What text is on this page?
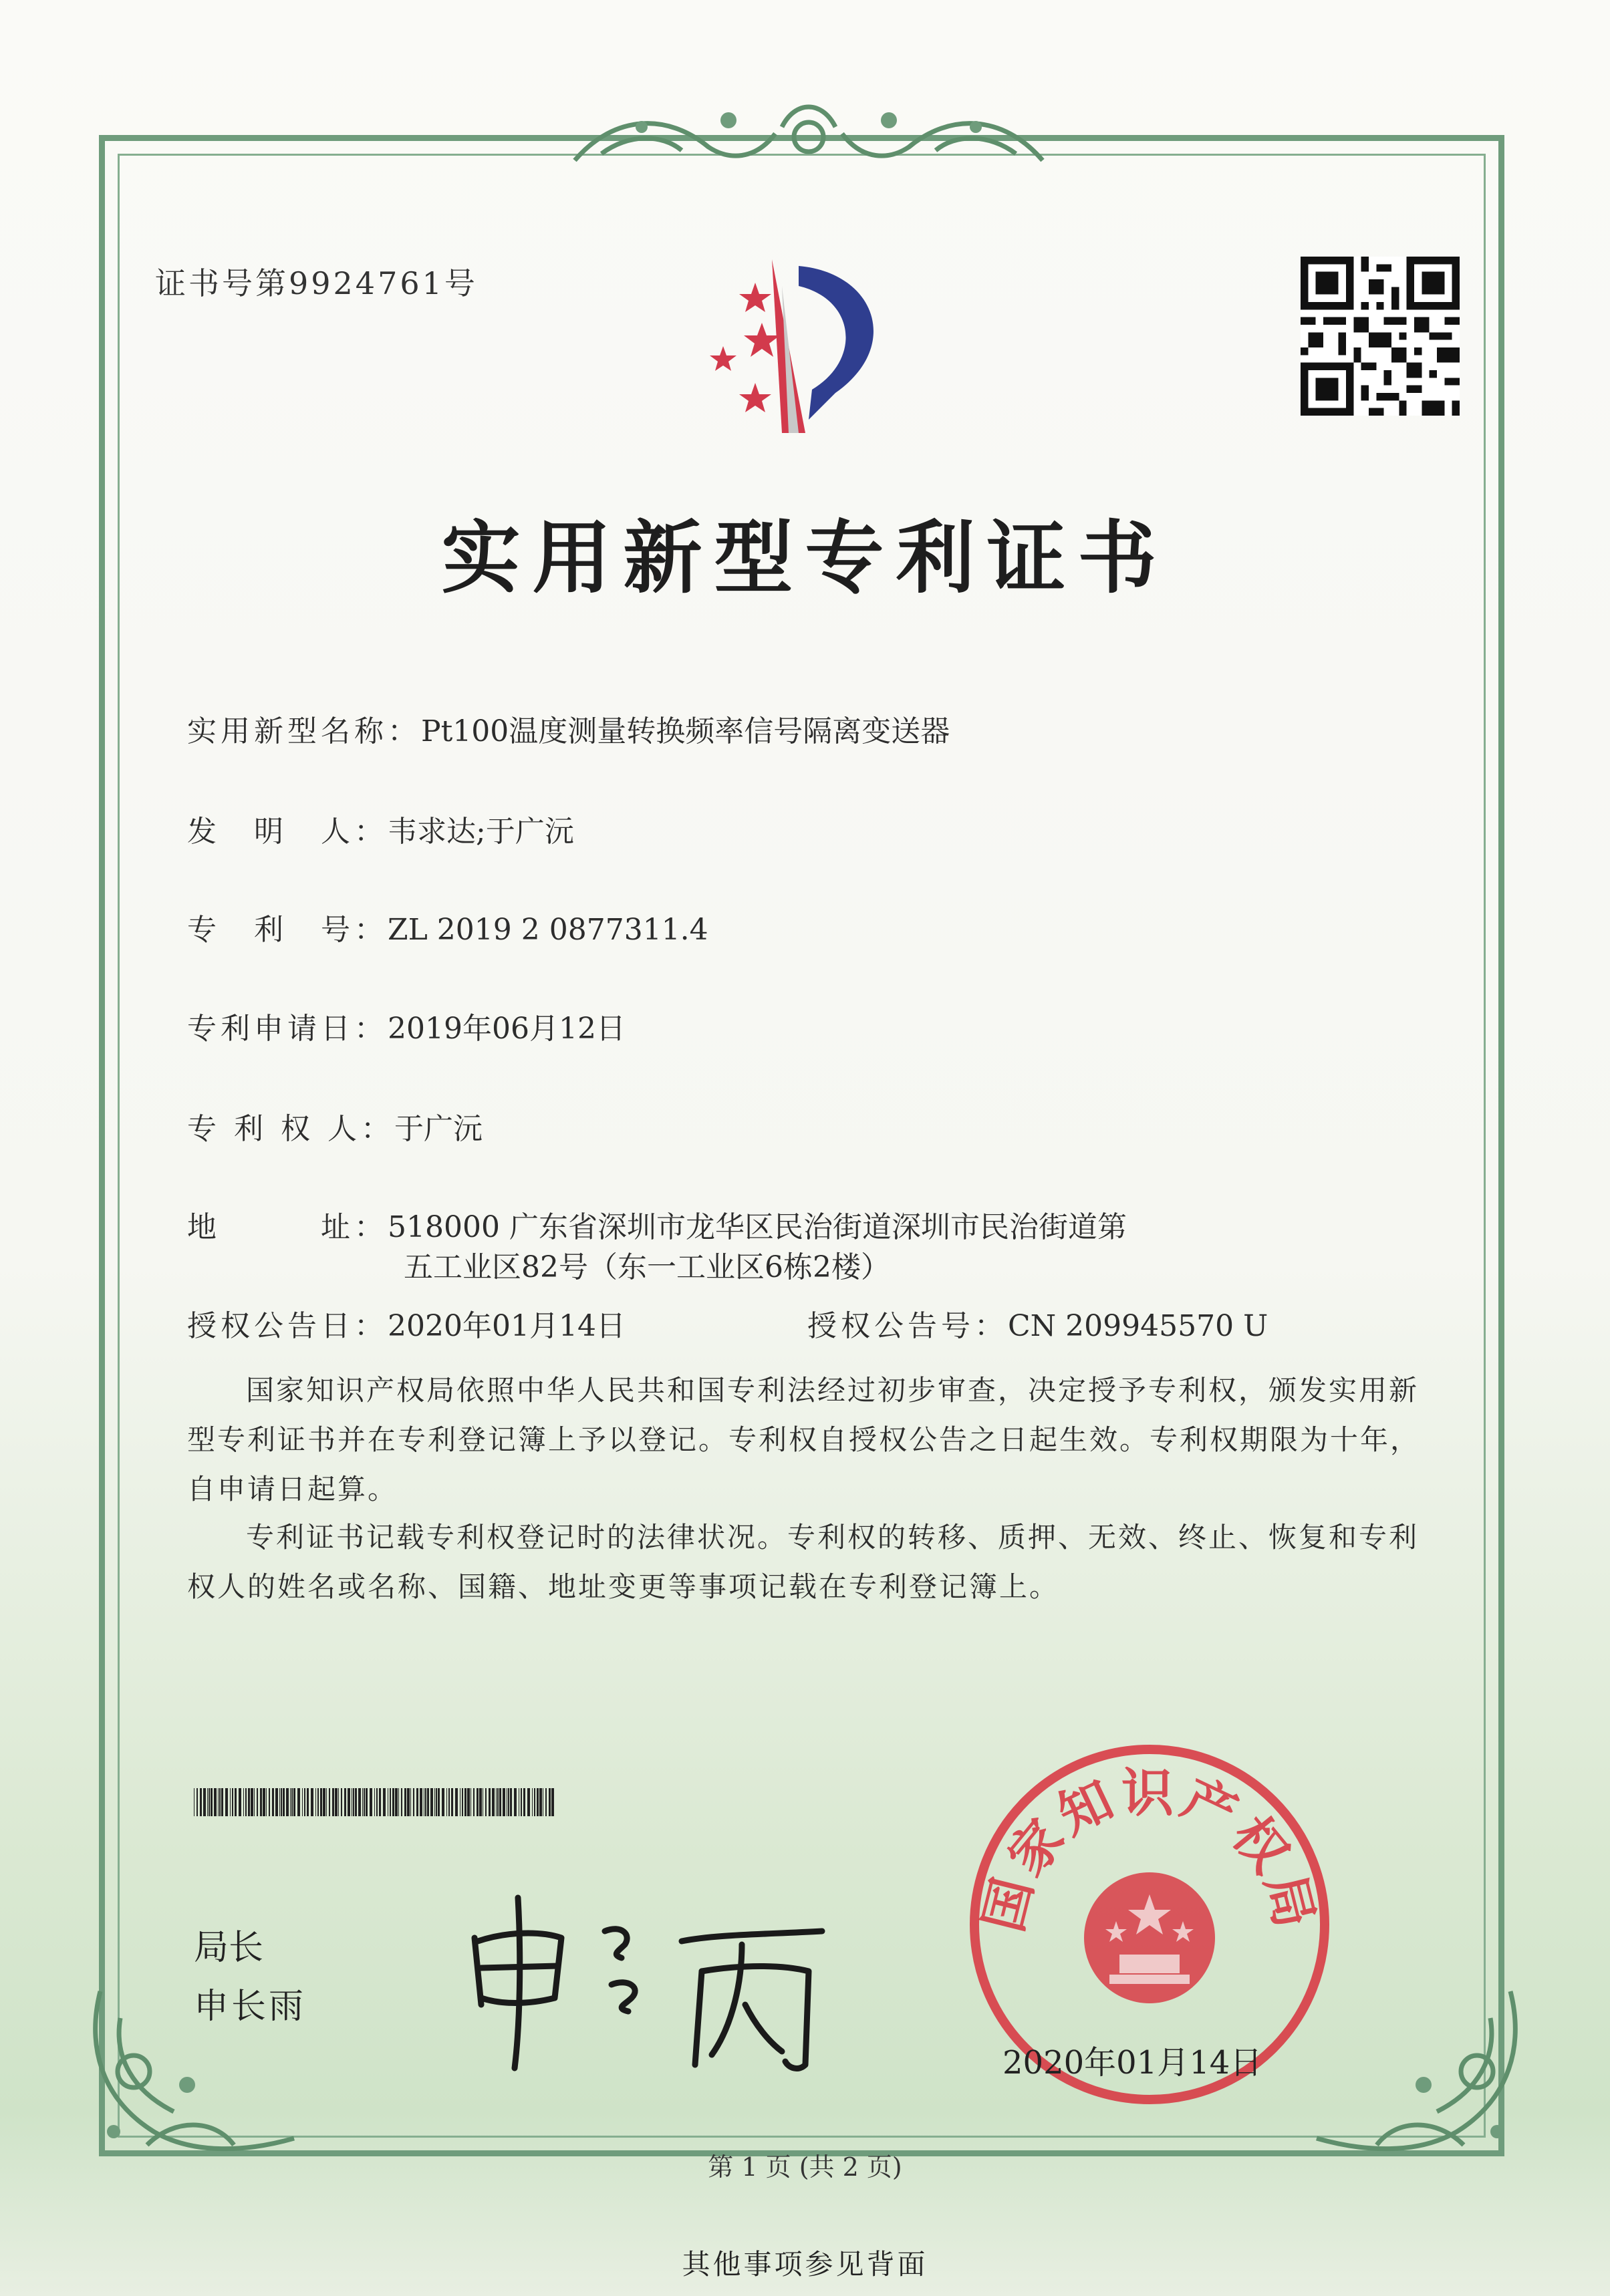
证书号第9924761号
实用新型专利证书
实用新型名称：Pt100温度测量转换频率信号隔离变送器
发　明　人：韦求达;于广沅
专　利　号：ZL 2019 2 0877311.4
专利申请日：2019年06月12日
专 利 权 人：于广沅
地　　　址：518000 广东省深圳市龙华区民治街道深圳市民治街道第
五工业区82号（东一工业区6栋2楼）
授权公告日：2020年01月14日	授权公告号：CN 209945570 U
国家知识产权局依照中华人民共和国专利法经过初步审查，决定授予专利权，颁发实用新型专利证书并在专利登记簿上予以登记。专利权自授权公告之日起生效。专利权期限为十年，自申请日起算。
专利证书记载专利权登记时的法律状况。专利权的转移、质押、无效、终止、恢复和专利权人的姓名或名称、国籍、地址变更等事项记载在专利登记簿上。
局长
申长雨
国家知识产权局
2020年01月14日
第 1 页 (共 2 页)
其他事项参见背面
